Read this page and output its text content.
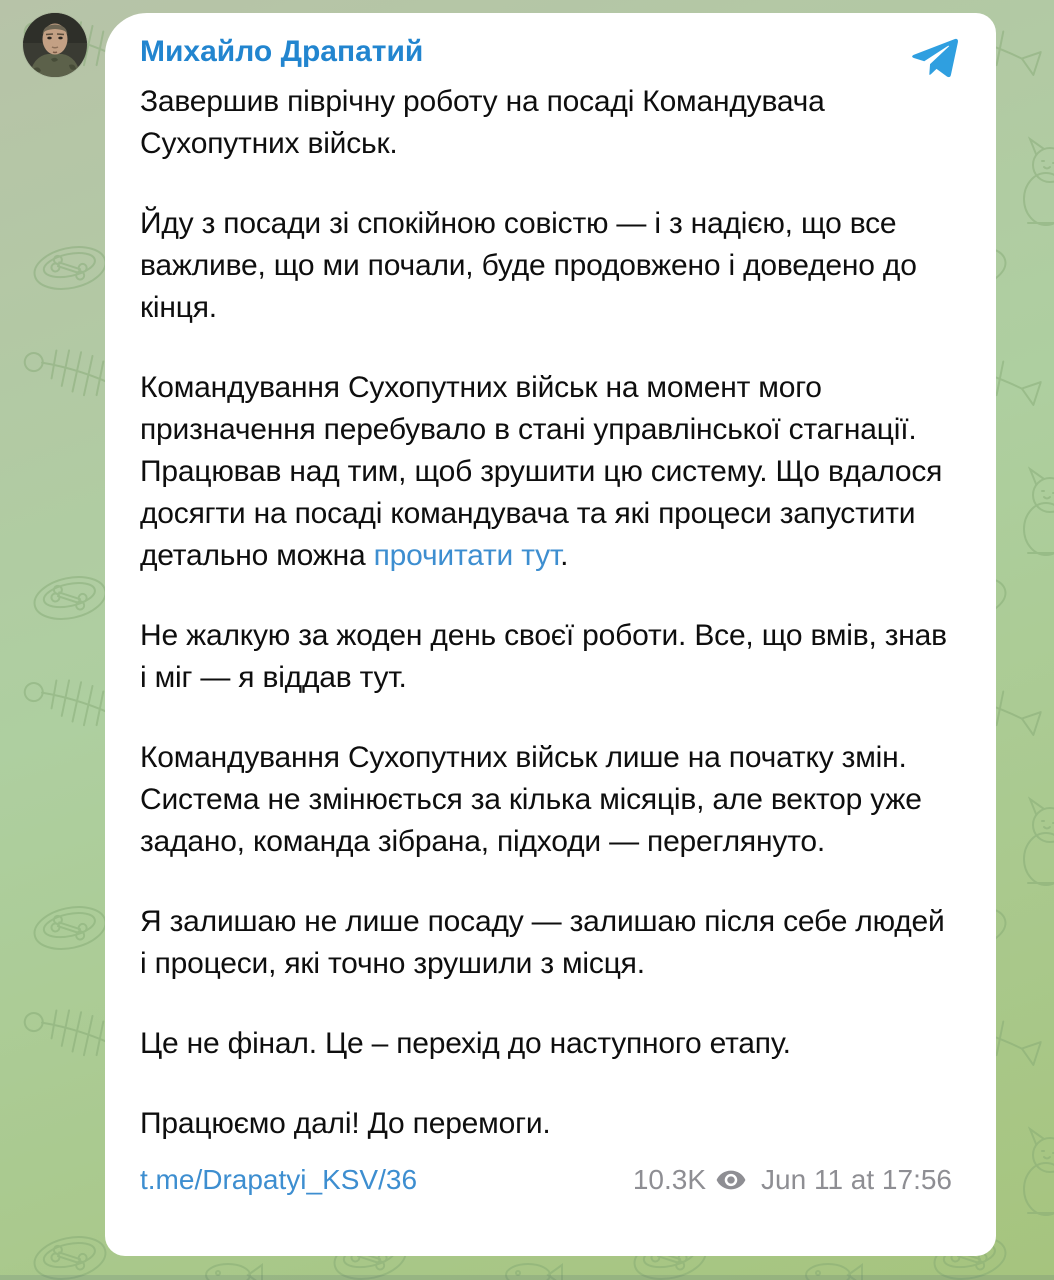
Михайло Драпатий

Завершив піврічну роботу на посаді Командувача Сухопутних військ.

Йду з посади зі спокійною совістю — і з надією, що все важливе, що ми почали, буде продовжено і доведено до кінця.

Командування Сухопутних військ на момент мого призначення перебувало в стані управлінської стагнації. Працював над тим, щоб зрушити цю систему. Що вдалося досягти на посаді командувача та які процеси запустити детально можна прочитати тут.

Не жалкую за жоден день своєї роботи. Все, що вмів, знав і міг — я віддав тут.

Командування Сухопутних військ лише на початку змін. Система не змінюється за кілька місяців, але вектор уже задано, команда зібрана, підходи — переглянуто.

Я залишаю не лише посаду — залишаю після себе людей і процеси, які точно зрушили з місця.

Це не фінал. Це – перехід до наступного етапу.

Працюємо далі! До перемоги.

t.me/Drapatyi_KSV/36	10.3K Jun 11 at 17:56
